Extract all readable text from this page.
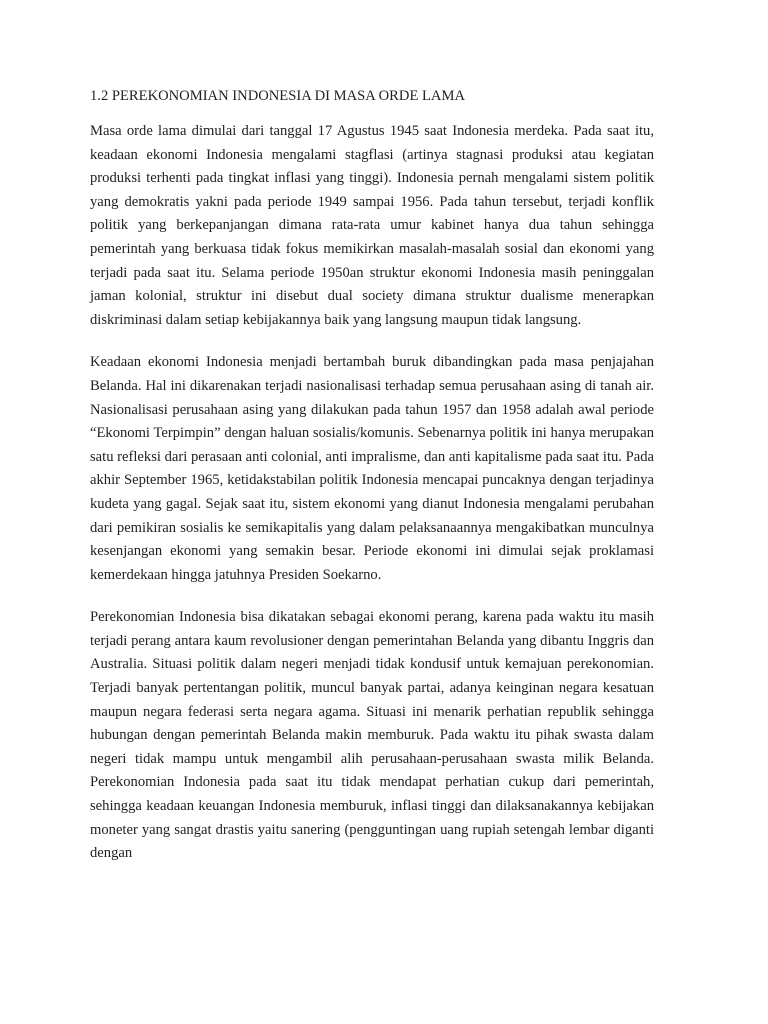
1.2 PEREKONOMIAN INDONESIA DI MASA ORDE LAMA

Masa orde lama dimulai dari tanggal 17 Agustus 1945 saat Indonesia merdeka. Pada saat itu, keadaan ekonomi Indonesia mengalami stagflasi (artinya stagnasi produksi atau kegiatan produksi terhenti pada tingkat inflasi yang tinggi). Indonesia pernah mengalami sistem politik yang demokratis yakni pada periode 1949 sampai 1956. Pada tahun tersebut, terjadi konflik politik yang berkepanjangan dimana rata-rata umur kabinet hanya dua tahun sehingga pemerintah yang berkuasa tidak fokus memikirkan masalah-masalah sosial dan ekonomi yang terjadi pada saat itu. Selama periode 1950an struktur ekonomi Indonesia masih peninggalan jaman kolonial, struktur ini disebut dual society dimana struktur dualisme menerapkan diskriminasi dalam setiap kebijakannya baik yang langsung maupun tidak langsung.

Keadaan ekonomi Indonesia menjadi bertambah buruk dibandingkan pada masa penjajahan Belanda. Hal ini dikarenakan terjadi nasionalisasi terhadap semua perusahaan asing di tanah air. Nasionalisasi perusahaan asing yang dilakukan pada tahun 1957 dan 1958 adalah awal periode “Ekonomi Terpimpin” dengan haluan sosialis/komunis. Sebenarnya politik ini hanya merupakan satu refleksi dari perasaan anti colonial, anti impralisme, dan anti kapitalisme pada saat itu. Pada akhir September 1965, ketidakstabilan politik Indonesia mencapai puncaknya dengan terjadinya kudeta yang gagal. Sejak saat itu, sistem ekonomi yang dianut Indonesia mengalami perubahan dari pemikiran sosialis ke semikapitalis yang dalam pelaksanaannya mengakibatkan munculnya kesenjangan ekonomi yang semakin besar. Periode ekonomi ini dimulai sejak proklamasi kemerdekaan hingga jatuhnya Presiden Soekarno.

Perekonomian Indonesia bisa dikatakan sebagai ekonomi perang, karena pada waktu itu masih terjadi perang antara kaum revolusioner dengan pemerintahan Belanda yang dibantu Inggris dan Australia. Situasi politik dalam negeri menjadi tidak kondusif untuk kemajuan perekonomian. Terjadi banyak pertentangan politik, muncul banyak partai, adanya keinginan negara kesatuan maupun negara federasi serta negara agama. Situasi ini menarik perhatian republik sehingga hubungan dengan pemerintah Belanda makin memburuk. Pada waktu itu pihak swasta dalam negeri tidak mampu untuk mengambil alih perusahaan-perusahaan swasta milik Belanda. Perekonomian Indonesia pada saat itu tidak mendapat perhatian cukup dari pemerintah, sehingga keadaan keuangan Indonesia memburuk, inflasi tinggi dan dilaksanakannya kebijakan moneter yang sangat drastis yaitu sanering (pengguntingan uang rupiah setengah lembar diganti dengan
